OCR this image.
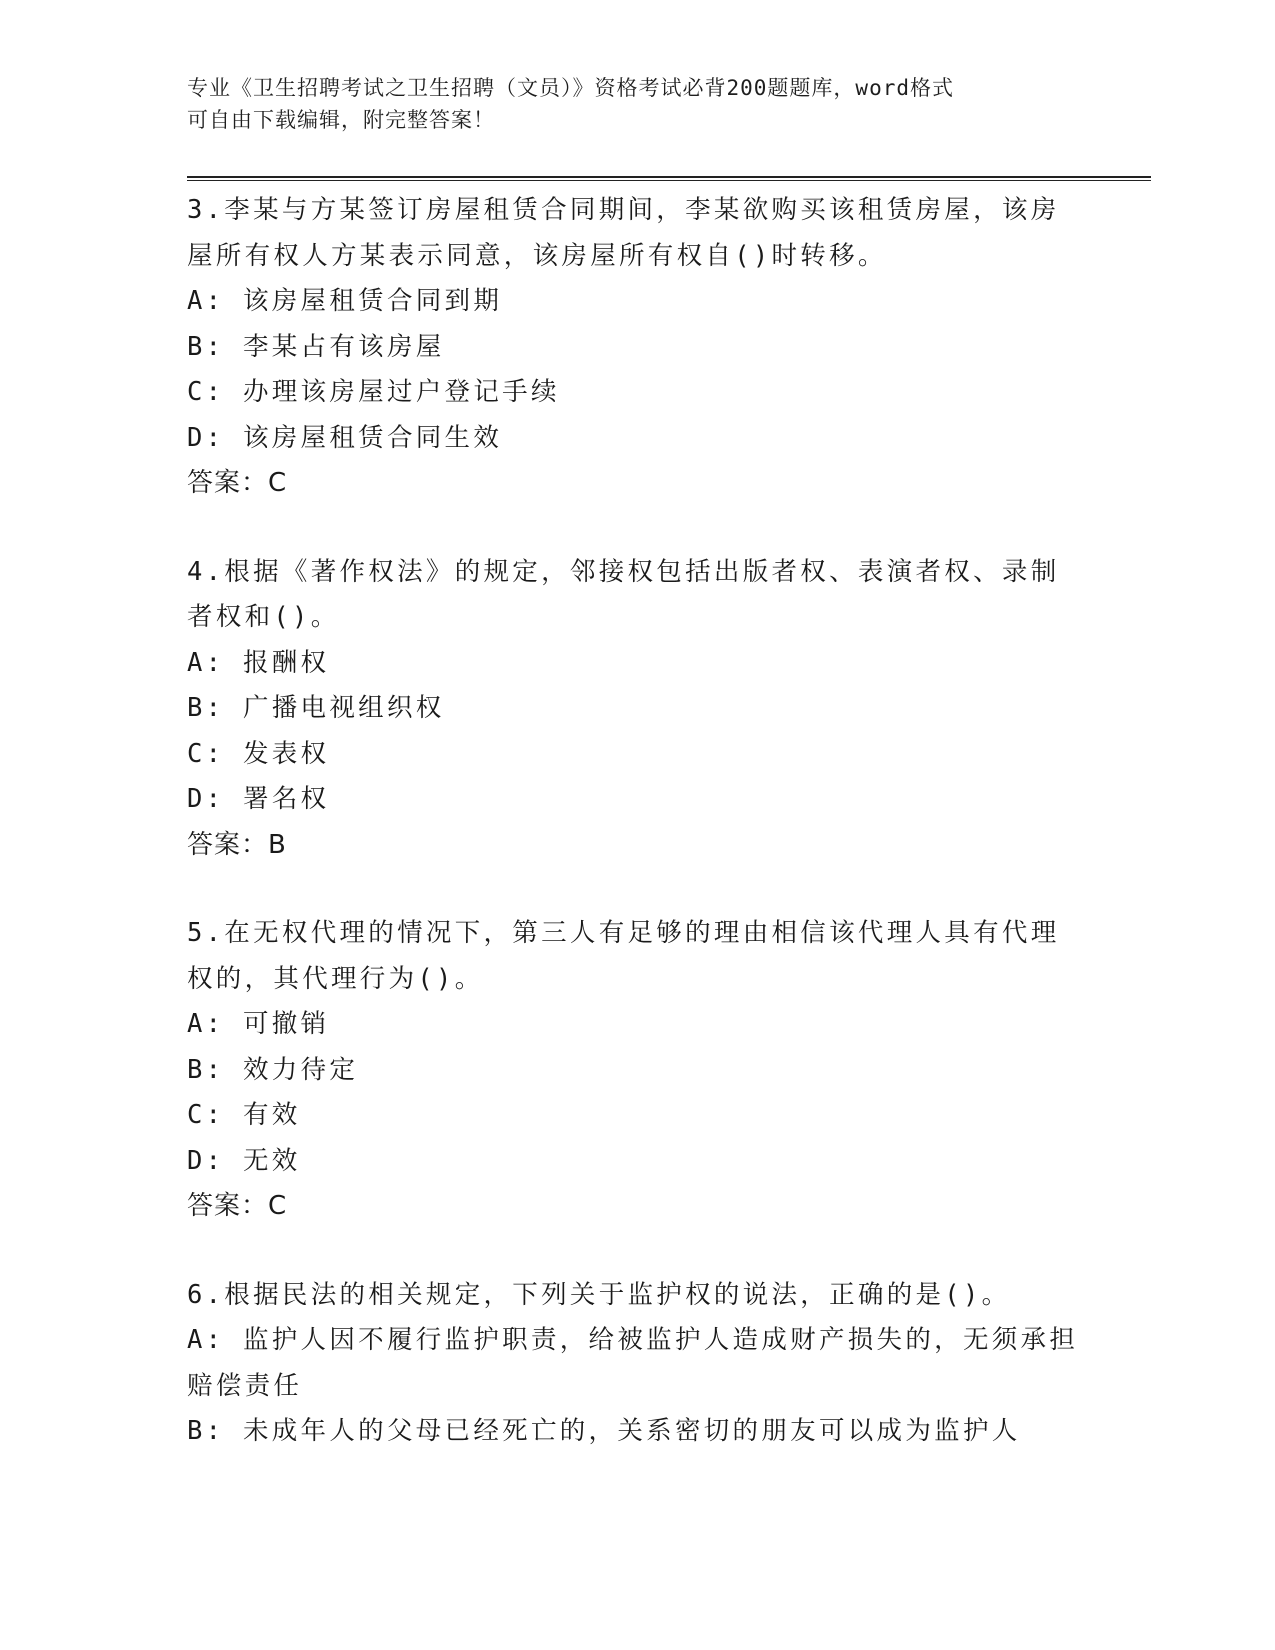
专业《卫生招聘考试之卫生招聘（文员）》资格考试必背200题题库，word格式
可自由下载编辑，附完整答案！
3.李某与方某签订房屋租赁合同期间，李某欲购买该租赁房屋，该房
屋所有权人方某表示同意，该房屋所有权自()时转移。
A: 该房屋租赁合同到期
B: 李某占有该房屋
C: 办理该房屋过户登记手续
D: 该房屋租赁合同生效
答案：C
4.根据《著作权法》的规定，邻接权包括出版者权、表演者权、录制
者权和()。
A: 报酬权
B: 广播电视组织权
C: 发表权
D: 署名权
答案：B
5.在无权代理的情况下，第三人有足够的理由相信该代理人具有代理
权的，其代理行为()。
A: 可撤销
B: 效力待定
C: 有效
D: 无效
答案：C
6.根据民法的相关规定，下列关于监护权的说法，正确的是()。
A: 监护人因不履行监护职责，给被监护人造成财产损失的，无须承担
赔偿责任
B: 未成年人的父母已经死亡的，关系密切的朋友可以成为监护人
